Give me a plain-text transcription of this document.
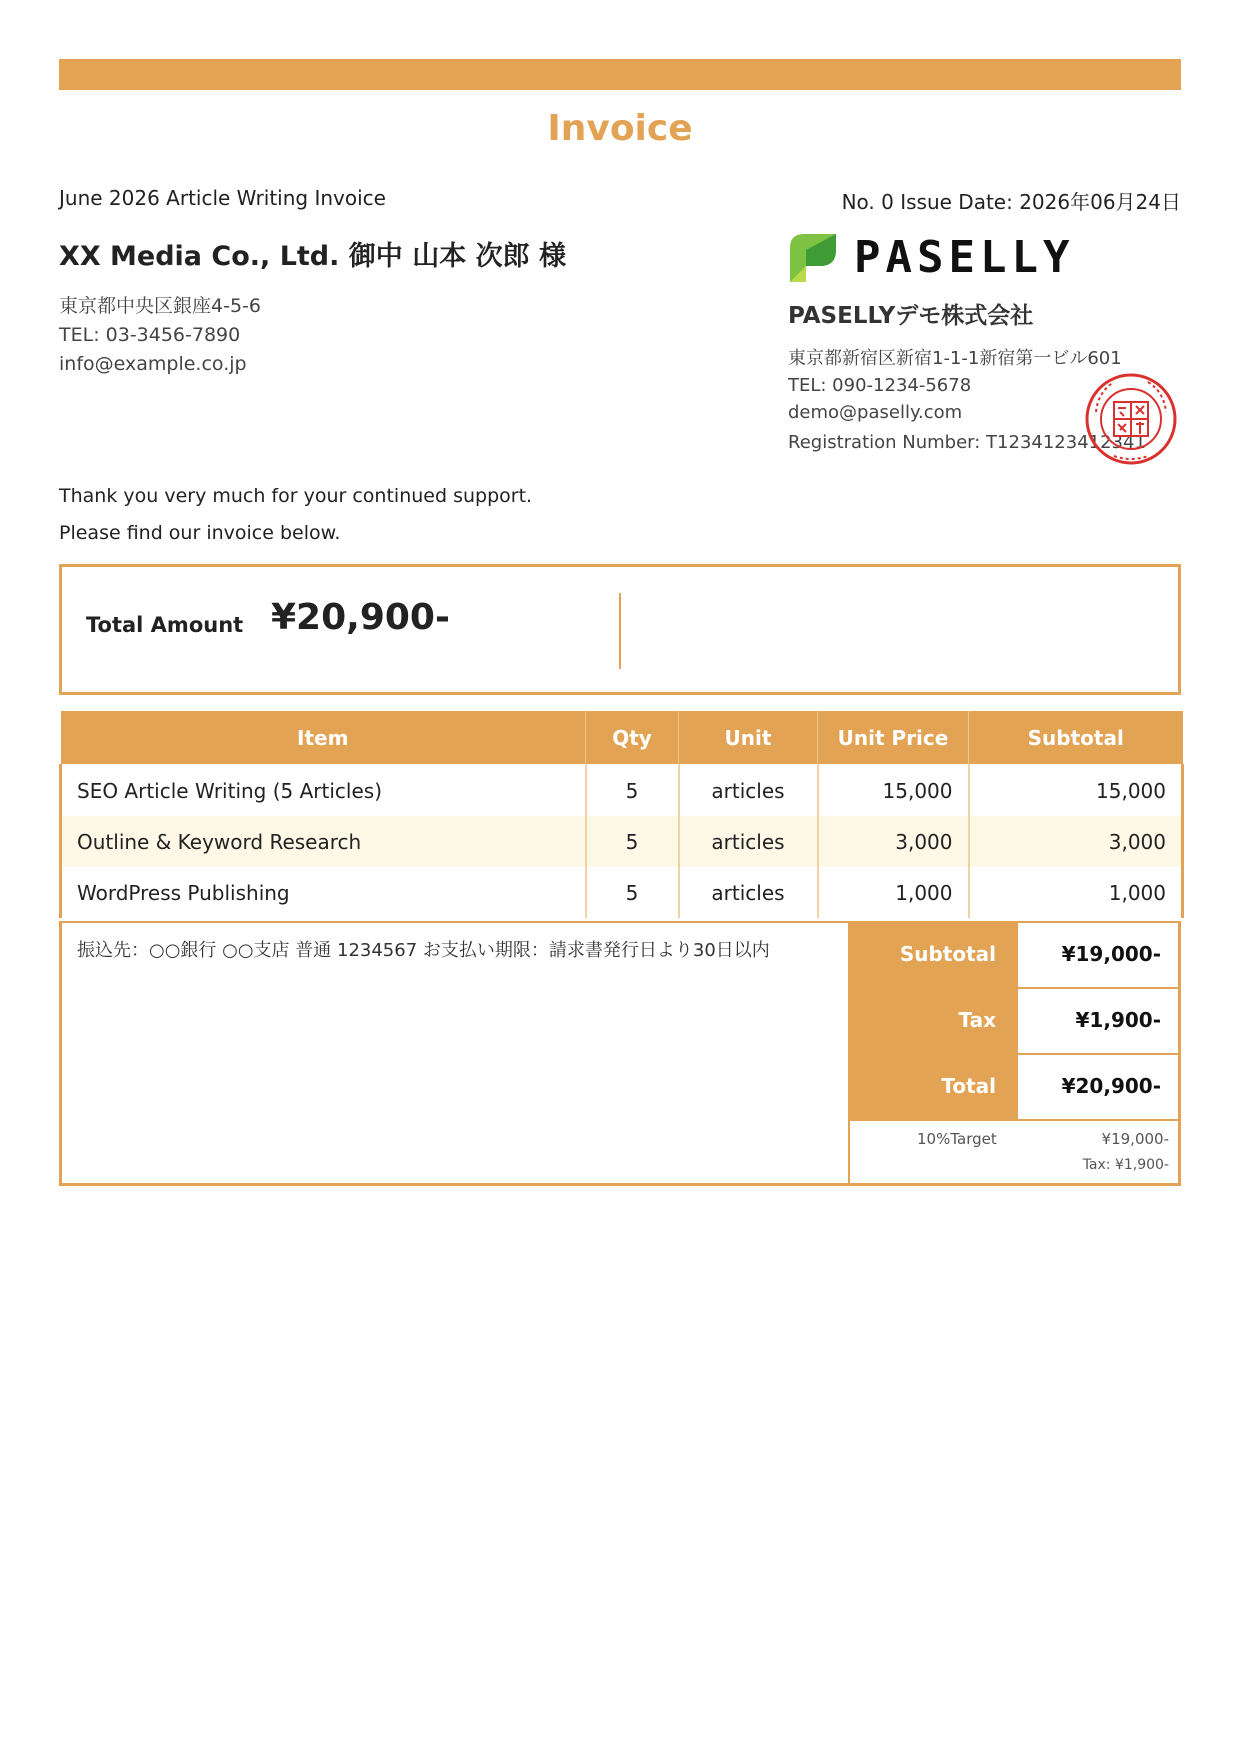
Invoice
June 2026 Article Writing Invoice	No. 0 Issue Date: 2026年06月24日
XX Media Co., Ltd. 御中 山本 次郎 様
東京都中央区銀座4-5-6
TEL: 03-3456-7890
info@example.co.jp
PASELLY
PASELLYデモ株式会社
東京都新宿区新宿1-1-1新宿第一ビル601
TEL: 090-1234-5678
demo@paselly.com
Registration Number: T1234123412341
Thank you very much for your continued support.
Please find our invoice below.
Total Amount ¥20,900-
Item	Qty	Unit	Unit Price	Subtotal
SEO Article Writing (5 Articles)	5	articles	15,000	15,000
Outline & Keyword Research	5	articles	3,000	3,000
WordPress Publishing	5	articles	1,000	1,000
振込先：○○銀行 ○○支店 普通 1234567 お支払い期限：請求書発行日より30日以内	Subtotal	¥19,000-
Tax	¥1,900-
Total	¥20,900-
10%Target	¥19,000-
Tax: ¥1,900-
